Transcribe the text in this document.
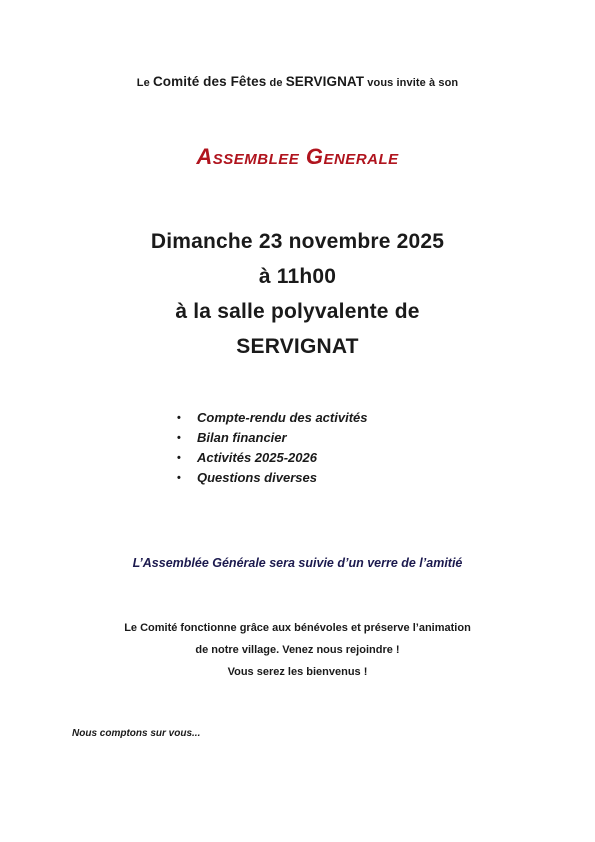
Le Comité des Fêtes de SERVIGNAT vous invite à son
Assemblee Generale
Dimanche 23 novembre 2025
à 11h00
à la salle polyvalente de
SERVIGNAT
• Compte-rendu des activités
• Bilan financier
• Activités 2025-2026
• Questions diverses
L’Assemblée Générale sera suivie d’un verre de l’amitié
Le Comité fonctionne grâce aux bénévoles et préserve l’animation
de notre village. Venez nous rejoindre !
Vous serez les bienvenus !
Nous comptons sur vous...
